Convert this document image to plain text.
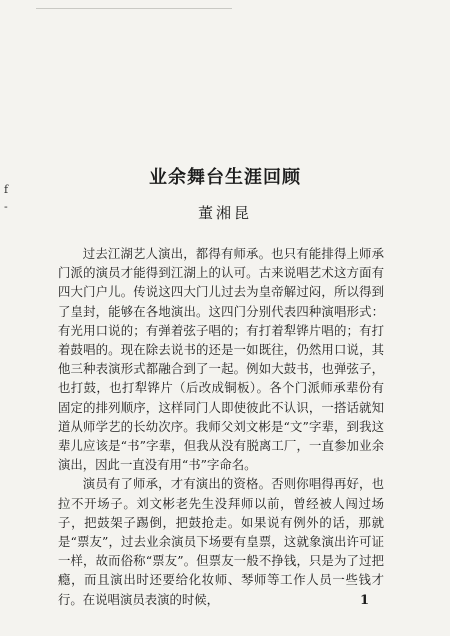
f
-
业余舞台生涯回顾
董湘昆

过去江湖艺人演出，都得有师承。也只有能排得上师承门派的演员才能得到江湖上的认可。古来说唱艺术这方面有四大门户儿。传说这四大门儿过去为皇帝解过闷，所以得到了皇封，能够在各地演出。这四门分别代表四种演唱形式：有光用口说的；有弹着弦子唱的；有打着犁铧片唱的；有打着鼓唱的。现在除去说书的还是一如既往，仍然用口说，其他三种表演形式都融合到了一起。例如大鼓书，也弹弦子，也打鼓，也打犁铧片（后改成铜板）。各个门派师承辈份有固定的排列顺序，这样同门人即使彼此不认识，一搭话就知道从师学艺的长幼次序。我师父刘文彬是“文”字辈，到我这辈儿应该是“书”字辈，但我从没有脱离工厂，一直参加业余演出，因此一直没有用“书”字命名。

演员有了师承，才有演出的资格。否则你唱得再好，也拉不开场子。刘文彬老先生没拜师以前，曾经被人闯过场子，把鼓架子踢倒，把鼓抢走。如果说有例外的话，那就是“票友”，过去业余演员下场要有皇票，这就象演出许可证一样，故而俗称“票友”。但票友一般不挣钱，只是为了过把瘾，而且演出时还要给化妆师、琴师等工作人员一些钱才行。在说唱演员表演的时候，	1
